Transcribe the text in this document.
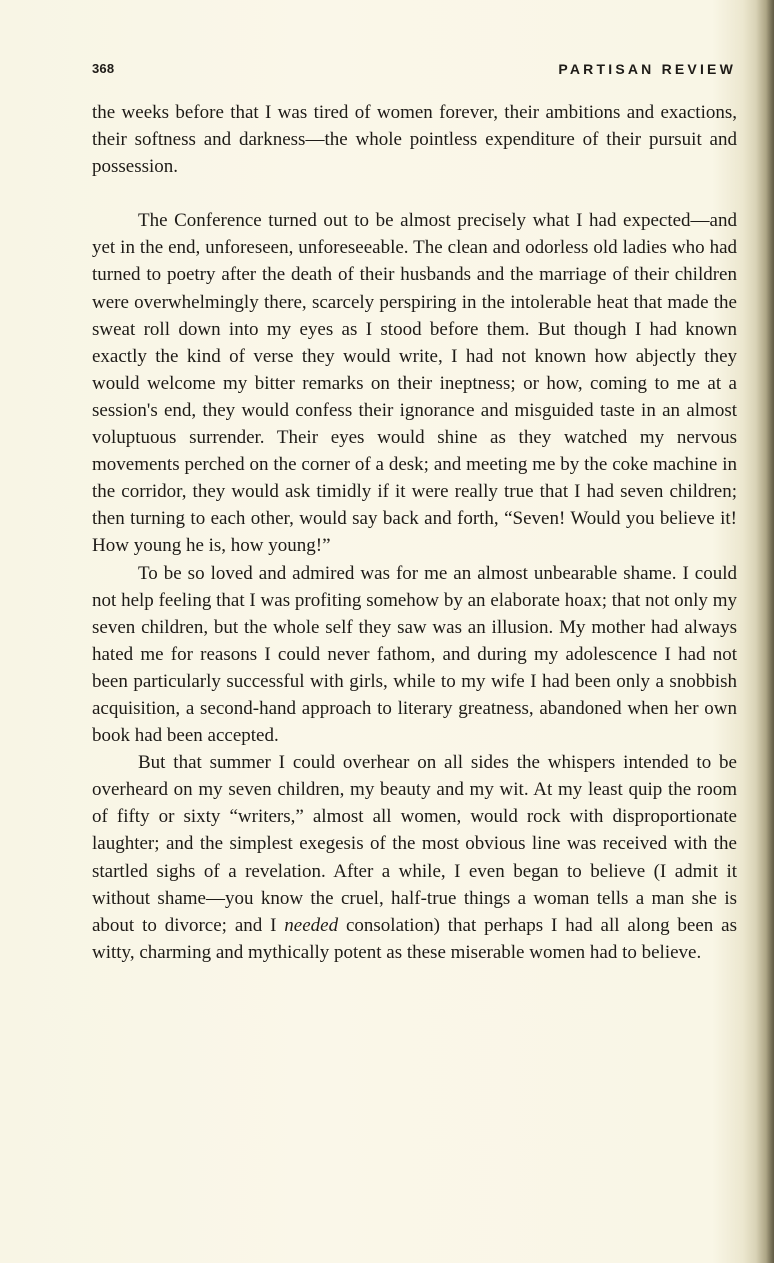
368	PARTISAN REVIEW

the weeks before that I was tired of women forever, their ambitions and exactions, their softness and darkness—the whole pointless expenditure of their pursuit and possession.

The Conference turned out to be almost precisely what I had expected—and yet in the end, unforeseen, unforeseeable. The clean and odorless old ladies who had turned to poetry after the death of their husbands and the marriage of their children were overwhelmingly there, scarcely perspiring in the intolerable heat that made the sweat roll down into my eyes as I stood before them. But though I had known exactly the kind of verse they would write, I had not known how abjectly they would welcome my bitter remarks on their ineptness; or how, coming to me at a session's end, they would confess their ignorance and misguided taste in an almost voluptuous surrender. Their eyes would shine as they watched my nervous movements perched on the corner of a desk; and meeting me by the coke machine in the corridor, they would ask timidly if it were really true that I had seven children; then turning to each other, would say back and forth, “Seven! Would you believe it! How young he is, how young!”

To be so loved and admired was for me an almost unbearable shame. I could not help feeling that I was profiting somehow by an elaborate hoax; that not only my seven children, but the whole self they saw was an illusion. My mother had always hated me for reasons I could never fathom, and during my adolescence I had not been particularly successful with girls, while to my wife I had been only a snobbish acquisition, a second-hand approach to literary greatness, abandoned when her own book had been accepted.

But that summer I could overhear on all sides the whispers intended to be overheard on my seven children, my beauty and my wit. At my least quip the room of fifty or sixty “writers,” almost all women, would rock with disproportionate laughter; and the simplest exegesis of the most obvious line was received with the startled sighs of a revelation. After a while, I even began to believe (I admit it without shame—you know the cruel, half-true things a woman tells a man she is about to divorce; and I needed consolation) that perhaps I had all along been as witty, charming and mythically potent as these miserable women had to believe.
